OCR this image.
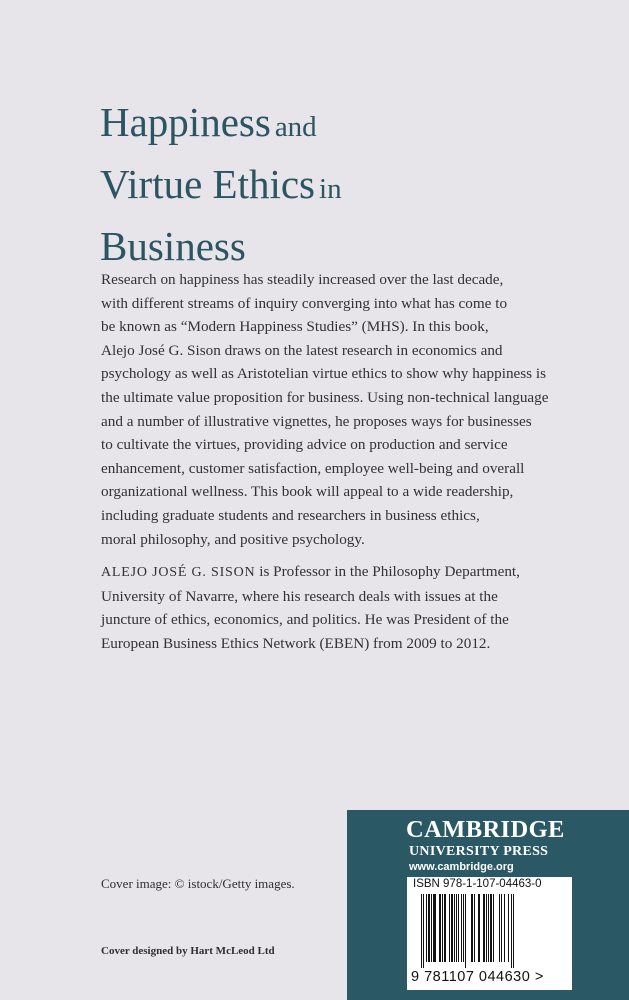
Happiness and
Virtue Ethics in
Business
Research on happiness has steadily increased over the last decade,
with different streams of inquiry converging into what has come to
be known as “Modern Happiness Studies” (MHS). In this book,
Alejo José G. Sison draws on the latest research in economics and
psychology as well as Aristotelian virtue ethics to show why happiness is
the ultimate value proposition for business. Using non-technical language
and a number of illustrative vignettes, he proposes ways for businesses
to cultivate the virtues, providing advice on production and service
enhancement, customer satisfaction, employee well-being and overall
organizational wellness. This book will appeal to a wide readership,
including graduate students and researchers in business ethics,
moral philosophy, and positive psychology.
ALEJO JOSÉ G. SISON is Professor in the Philosophy Department,
University of Navarre, where his research deals with issues at the
juncture of ethics, economics, and politics. He was President of the
European Business Ethics Network (EBEN) from 2009 to 2012.
Cover image: © istock/Getty images.
Cover designed by Hart McLeod Ltd
CAMBRIDGE
UNIVERSITY PRESS
www.cambridge.org
ISBN 978-1-107-04463-0
9 781107 044630 >
